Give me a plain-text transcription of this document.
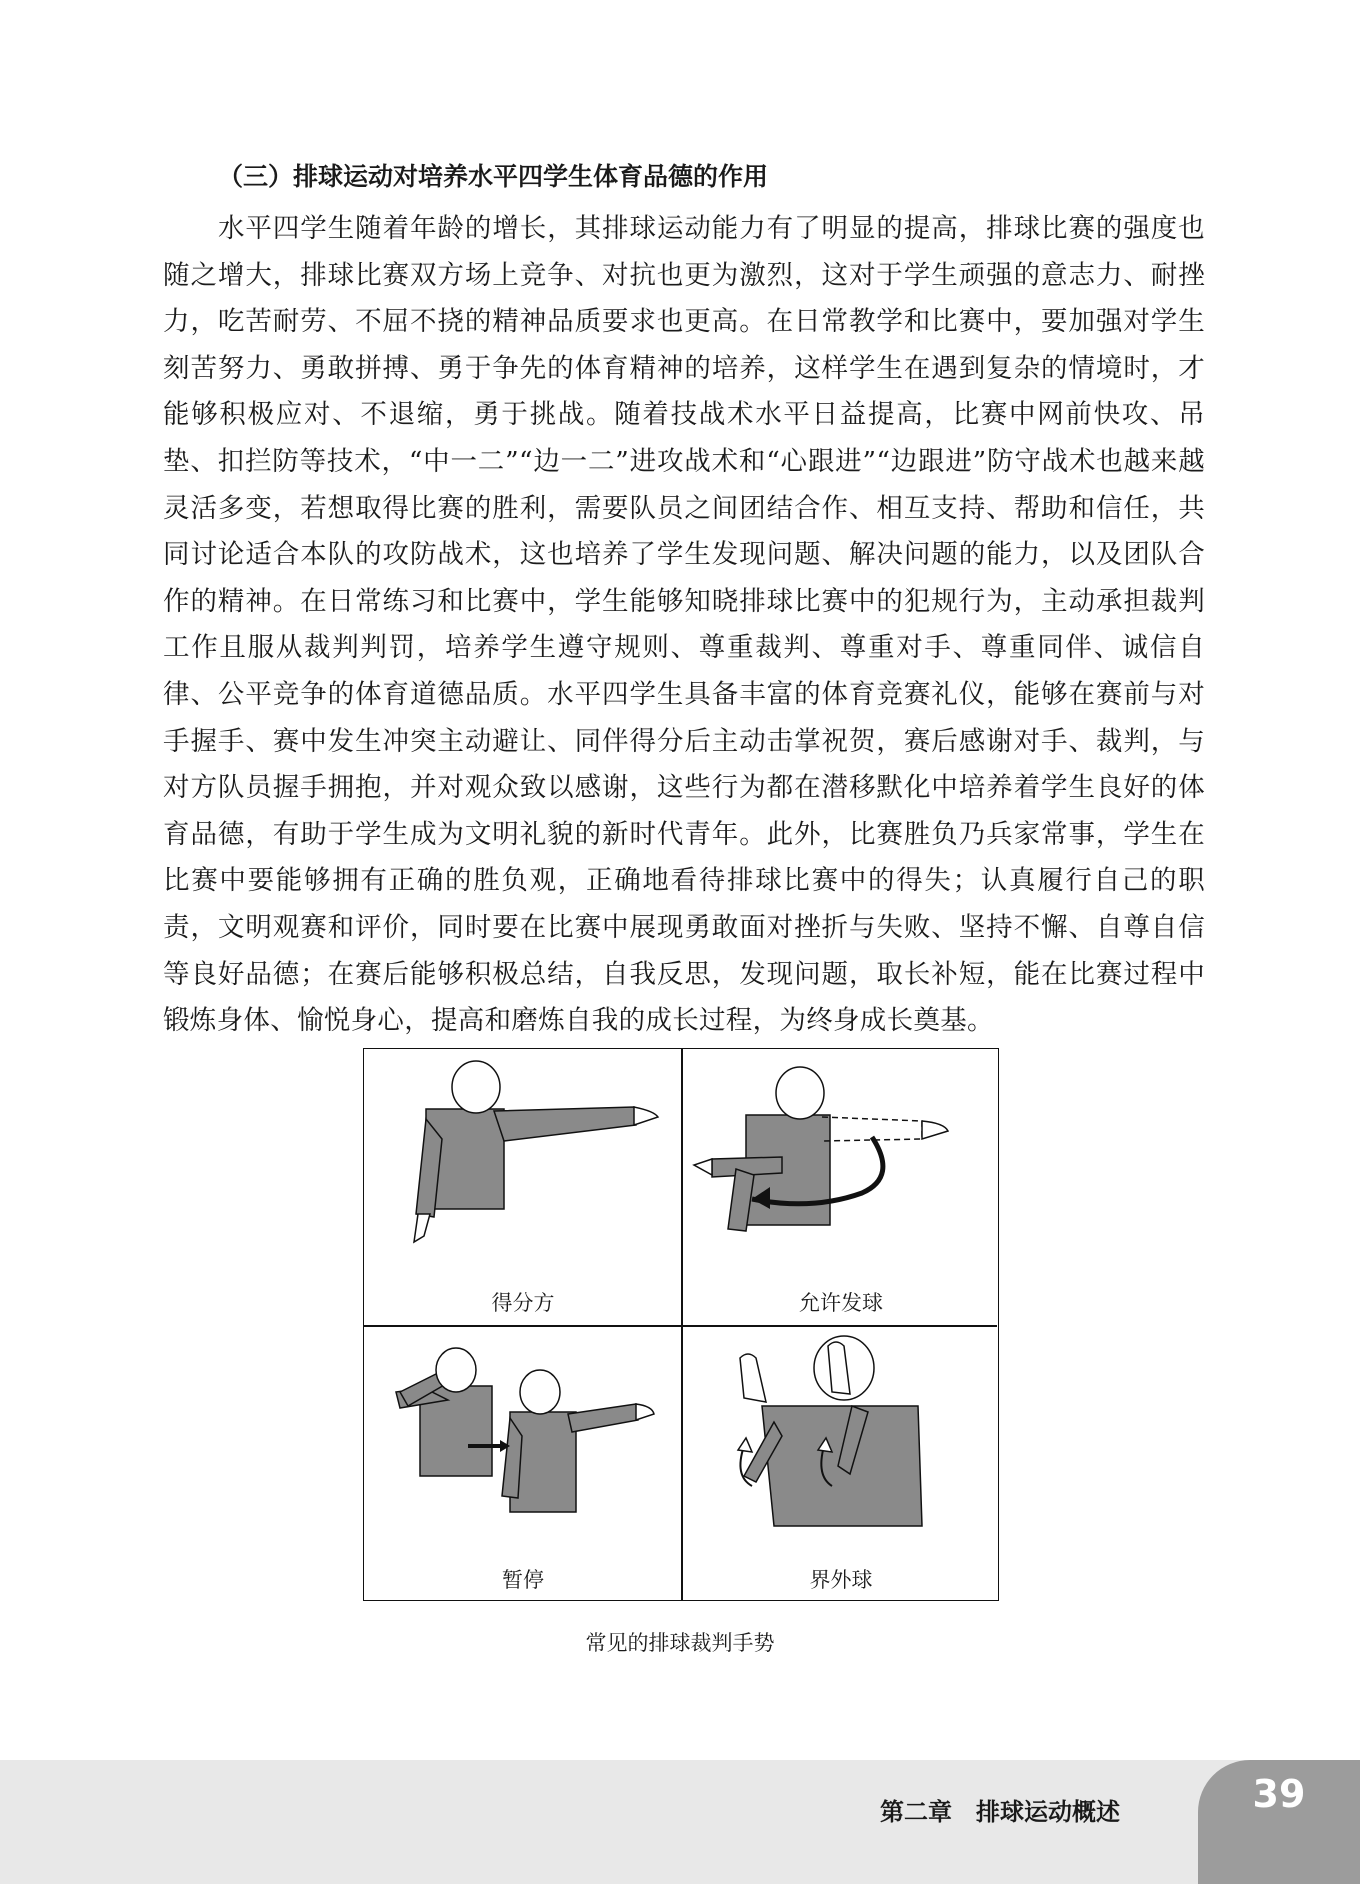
（三）排球运动对培养水平四学生体育品德的作用

水平四学生随着年龄的增长，其排球运动能力有了明显的提高，排球比赛的强度也随之增大，排球比赛双方场上竞争、对抗也更为激烈，这对于学生顽强的意志力、耐挫力，吃苦耐劳、不屈不挠的精神品质要求也更高。在日常教学和比赛中，要加强对学生刻苦努力、勇敢拼搏、勇于争先的体育精神的培养，这样学生在遇到复杂的情境时，才能够积极应对、不退缩，勇于挑战。随着技战术水平日益提高，比赛中网前快攻、吊垫、扣拦防等技术，“中一二”“边一二”进攻战术和“心跟进”“边跟进”防守战术也越来越灵活多变，若想取得比赛的胜利，需要队员之间团结合作、相互支持、帮助和信任，共同讨论适合本队的攻防战术，这也培养了学生发现问题、解决问题的能力，以及团队合作的精神。在日常练习和比赛中，学生能够知晓排球比赛中的犯规行为，主动承担裁判工作且服从裁判判罚，培养学生遵守规则、尊重裁判、尊重对手、尊重同伴、诚信自律、公平竞争的体育道德品质。水平四学生具备丰富的体育竞赛礼仪，能够在赛前与对手握手、赛中发生冲突主动避让、同伴得分后主动击掌祝贺，赛后感谢对手、裁判，与对方队员握手拥抱，并对观众致以感谢，这些行为都在潜移默化中培养着学生良好的体育品德，有助于学生成为文明礼貌的新时代青年。此外，比赛胜负乃兵家常事，学生在比赛中要能够拥有正确的胜负观，正确地看待排球比赛中的得失；认真履行自己的职责，文明观赛和评价，同时要在比赛中展现勇敢面对挫折与失败、坚持不懈、自尊自信等良好品德；在赛后能够积极总结，自我反思，发现问题，取长补短，能在比赛过程中锻炼身体、愉悦身心，提高和磨炼自我的成长过程，为终身成长奠基。

得分方	允许发球
暂停	界外球
常见的排球裁判手势
第二章　排球运动概述	39
